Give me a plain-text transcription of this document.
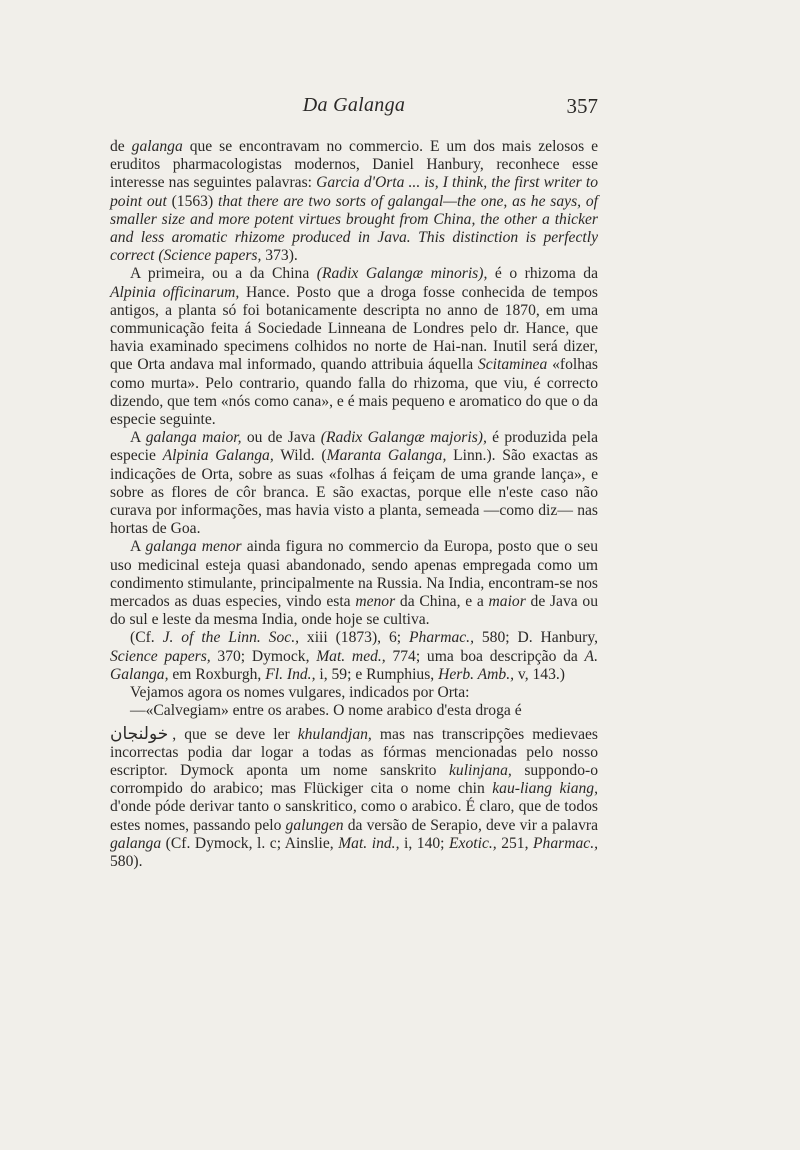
Da Galanga	357

de galanga que se encontravam no commercio. E um dos mais zelosos e eruditos pharmacologistas modernos, Daniel Hanbury, reconhece esse interesse nas seguintes palavras: Garcia d'Orta ... is, I think, the first writer to point out (1563) that there are two sorts of galangal—the one, as he says, of smaller size and more potent virtues brought from China, the other a thicker and less aromatic rhizome produced in Java. This distinction is perfectly correct (Science papers, 373).

A primeira, ou a da China (Radix Galangæ minoris), é o rhizoma da Alpinia officinarum, Hance. Posto que a droga fosse conhecida de tempos antigos, a planta só foi botanicamente descripta no anno de 1870, em uma communicação feita á Sociedade Linneana de Londres pelo dr. Hance, que havia examinado specimens colhidos no norte de Hai-nan. Inutil será dizer, que Orta andava mal informado, quando attribuia áquella Scitaminea «folhas como murta». Pelo contrario, quando falla do rhizoma, que viu, é correcto dizendo, que tem «nós como cana», e é mais pequeno e aromatico do que o da especie seguinte.

A galanga maior, ou de Java (Radix Galangæ majoris), é produzida pela especie Alpinia Galanga, Wild. (Maranta Galanga, Linn.). São exactas as indicações de Orta, sobre as suas «folhas á feiçam de uma grande lança», e sobre as flores de côr branca. E são exactas, porque elle n'este caso não curava por informações, mas havia visto a planta, semeada —como diz— nas hortas de Goa.

A galanga menor ainda figura no commercio da Europa, posto que o seu uso medicinal esteja quasi abandonado, sendo apenas empregada como um condimento stimulante, principalmente na Russia. Na India, encontram-se nos mercados as duas especies, vindo esta menor da China, e a maior de Java ou do sul e leste da mesma India, onde hoje se cultiva.

(Cf. J. of the Linn. Soc., xiii (1873), 6; Pharmac., 580; D. Hanbury, Science papers, 370; Dymock, Mat. med., 774; uma boa descripção da A. Galanga, em Roxburgh, Fl. Ind., i, 59; e Rumphius, Herb. Amb., v, 143.)

Vejamos agora os nomes vulgares, indicados por Orta:

—«Calvegiam» entre os arabes. O nome arabico d'esta droga é

خولنجان , que se deve ler khulandjan, mas nas transcripções medievaes incorrectas podia dar logar a todas as fórmas mencionadas pelo nosso escriptor. Dymock aponta um nome sanskrito kulinjana, suppondo-o corrompido do arabico; mas Flückiger cita o nome chin kau-liang kiang, d'onde póde derivar tanto o sanskritico, como o arabico. É claro, que de todos estes nomes, passando pelo galungen da versão de Serapio, deve vir a palavra galanga (Cf. Dymock, l. c; Ainslie, Mat. ind., i, 140; Exotic., 251, Pharmac., 580).
